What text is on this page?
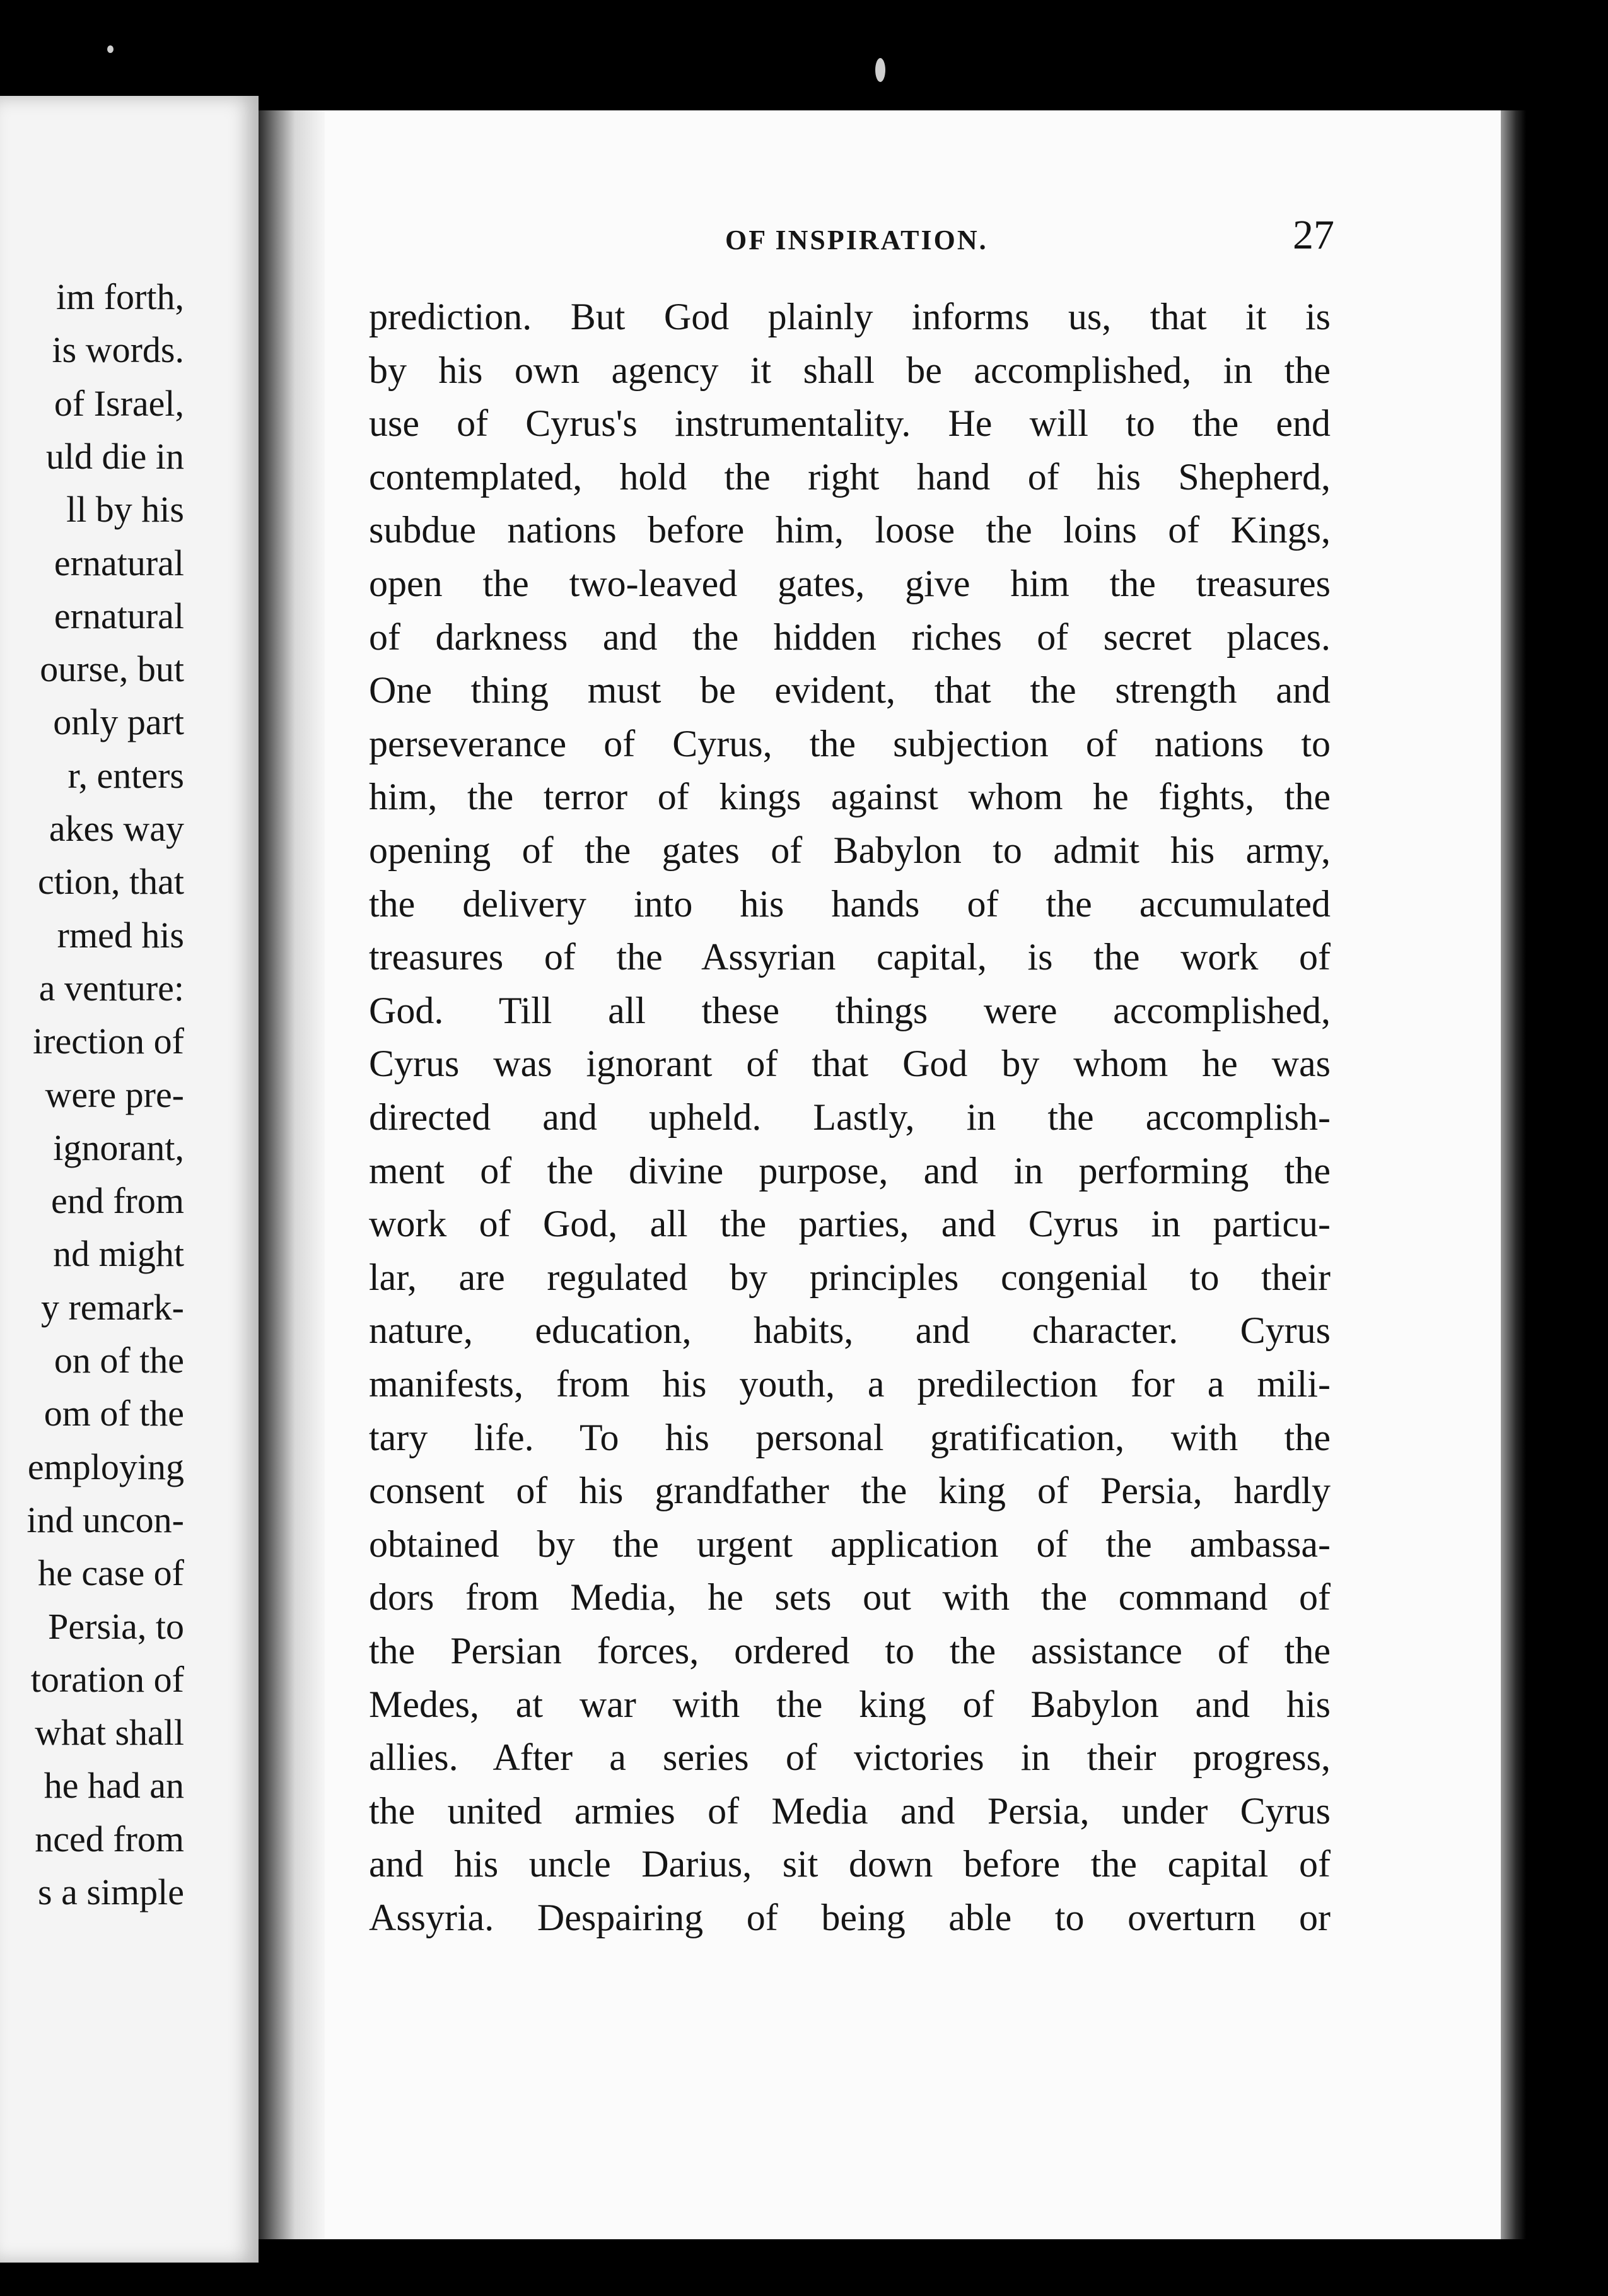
im forth,
is words.
of Israel,
uld die in
ll by his
ernatural
ernatural
ourse, but
only part
r, enters
akes way
ction, that
rmed his
a venture:
irection of
were pre-
ignorant,
end from
nd might
y remark-
on of the
om of the
employing
ind uncon-
he case of
Persia, to
toration of
what shall
he had an
nced from
s a simple
OF INSPIRATION.	27
prediction. But God plainly informs us, that it is
by his own agency it shall be accomplished, in the
use of Cyrus's instrumentality. He will to the end
contemplated, hold the right hand of his Shepherd,
subdue nations before him, loose the loins of Kings,
open the two-leaved gates, give him the treasures
of darkness and the hidden riches of secret places.
One thing must be evident, that the strength and
perseverance of Cyrus, the subjection of nations to
him, the terror of kings against whom he fights, the
opening of the gates of Babylon to admit his army,
the delivery into his hands of the accumulated
treasures of the Assyrian capital, is the work of
God. Till all these things were accomplished,
Cyrus was ignorant of that God by whom he was
directed and upheld. Lastly, in the accomplish-
ment of the divine purpose, and in performing the
work of God, all the parties, and Cyrus in particu-
lar, are regulated by principles congenial to their
nature, education, habits, and character. Cyrus
manifests, from his youth, a predilection for a mili-
tary life. To his personal gratification, with the
consent of his grandfather the king of Persia, hardly
obtained by the urgent application of the ambassa-
dors from Media, he sets out with the command of
the Persian forces, ordered to the assistance of the
Medes, at war with the king of Babylon and his
allies. After a series of victories in their progress,
the united armies of Media and Persia, under Cyrus
and his uncle Darius, sit down before the capital of
Assyria. Despairing of being able to overturn or
